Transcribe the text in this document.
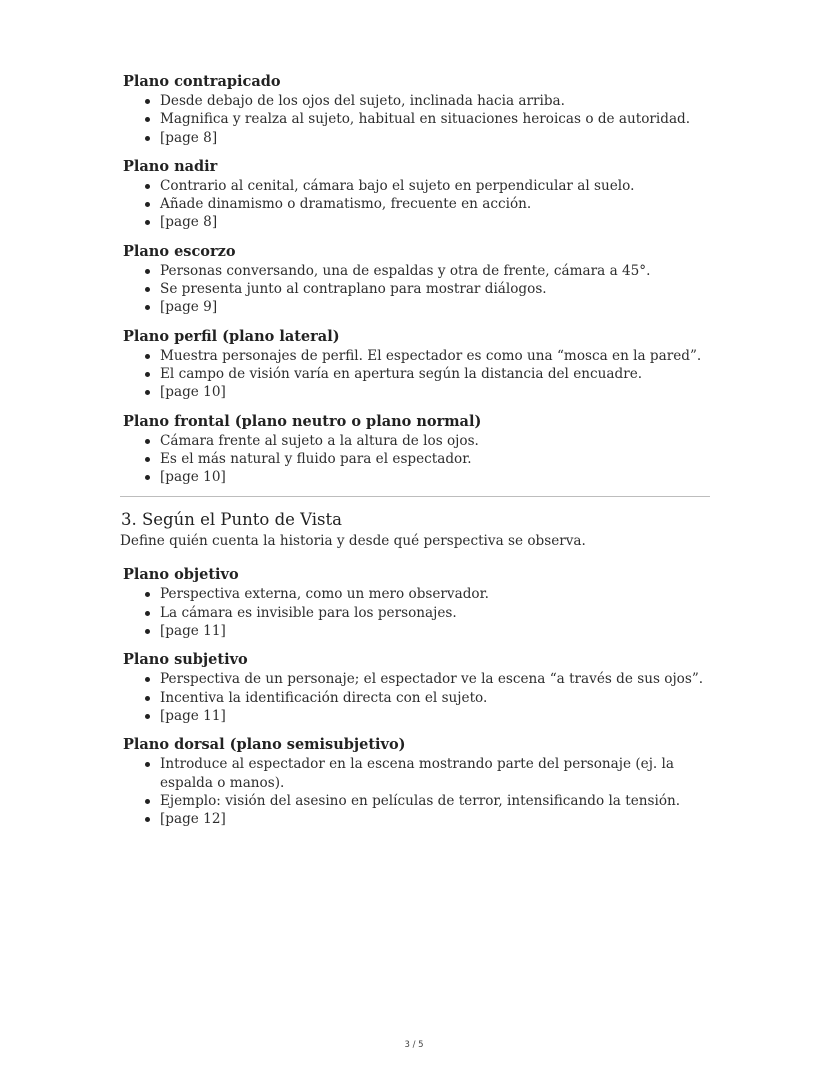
Plano contrapicado
Desde debajo de los ojos del sujeto, inclinada hacia arriba.
Magnifica y realza al sujeto, habitual en situaciones heroicas o de autoridad.
[page 8]
Plano nadir
Contrario al cenital, cámara bajo el sujeto en perpendicular al suelo.
Añade dinamismo o dramatismo, frecuente en acción.
[page 8]
Plano escorzo
Personas conversando, una de espaldas y otra de frente, cámara a 45°.
Se presenta junto al contraplano para mostrar diálogos.
[page 9]
Plano perfil (plano lateral)
Muestra personajes de perfil. El espectador es como una “mosca en la pared”.
El campo de visión varía en apertura según la distancia del encuadre.
[page 10]
Plano frontal (plano neutro o plano normal)
Cámara frente al sujeto a la altura de los ojos.
Es el más natural y fluido para el espectador.
[page 10]
3. Según el Punto de Vista
Define quién cuenta la historia y desde qué perspectiva se observa.
Plano objetivo
Perspectiva externa, como un mero observador.
La cámara es invisible para los personajes.
[page 11]
Plano subjetivo
Perspectiva de un personaje; el espectador ve la escena “a través de sus ojos”.
Incentiva la identificación directa con el sujeto.
[page 11]
Plano dorsal (plano semisubjetivo)
Introduce al espectador en la escena mostrando parte del personaje (ej. la espalda o manos).
Ejemplo: visión del asesino en películas de terror, intensificando la tensión.
[page 12]
3 / 5
